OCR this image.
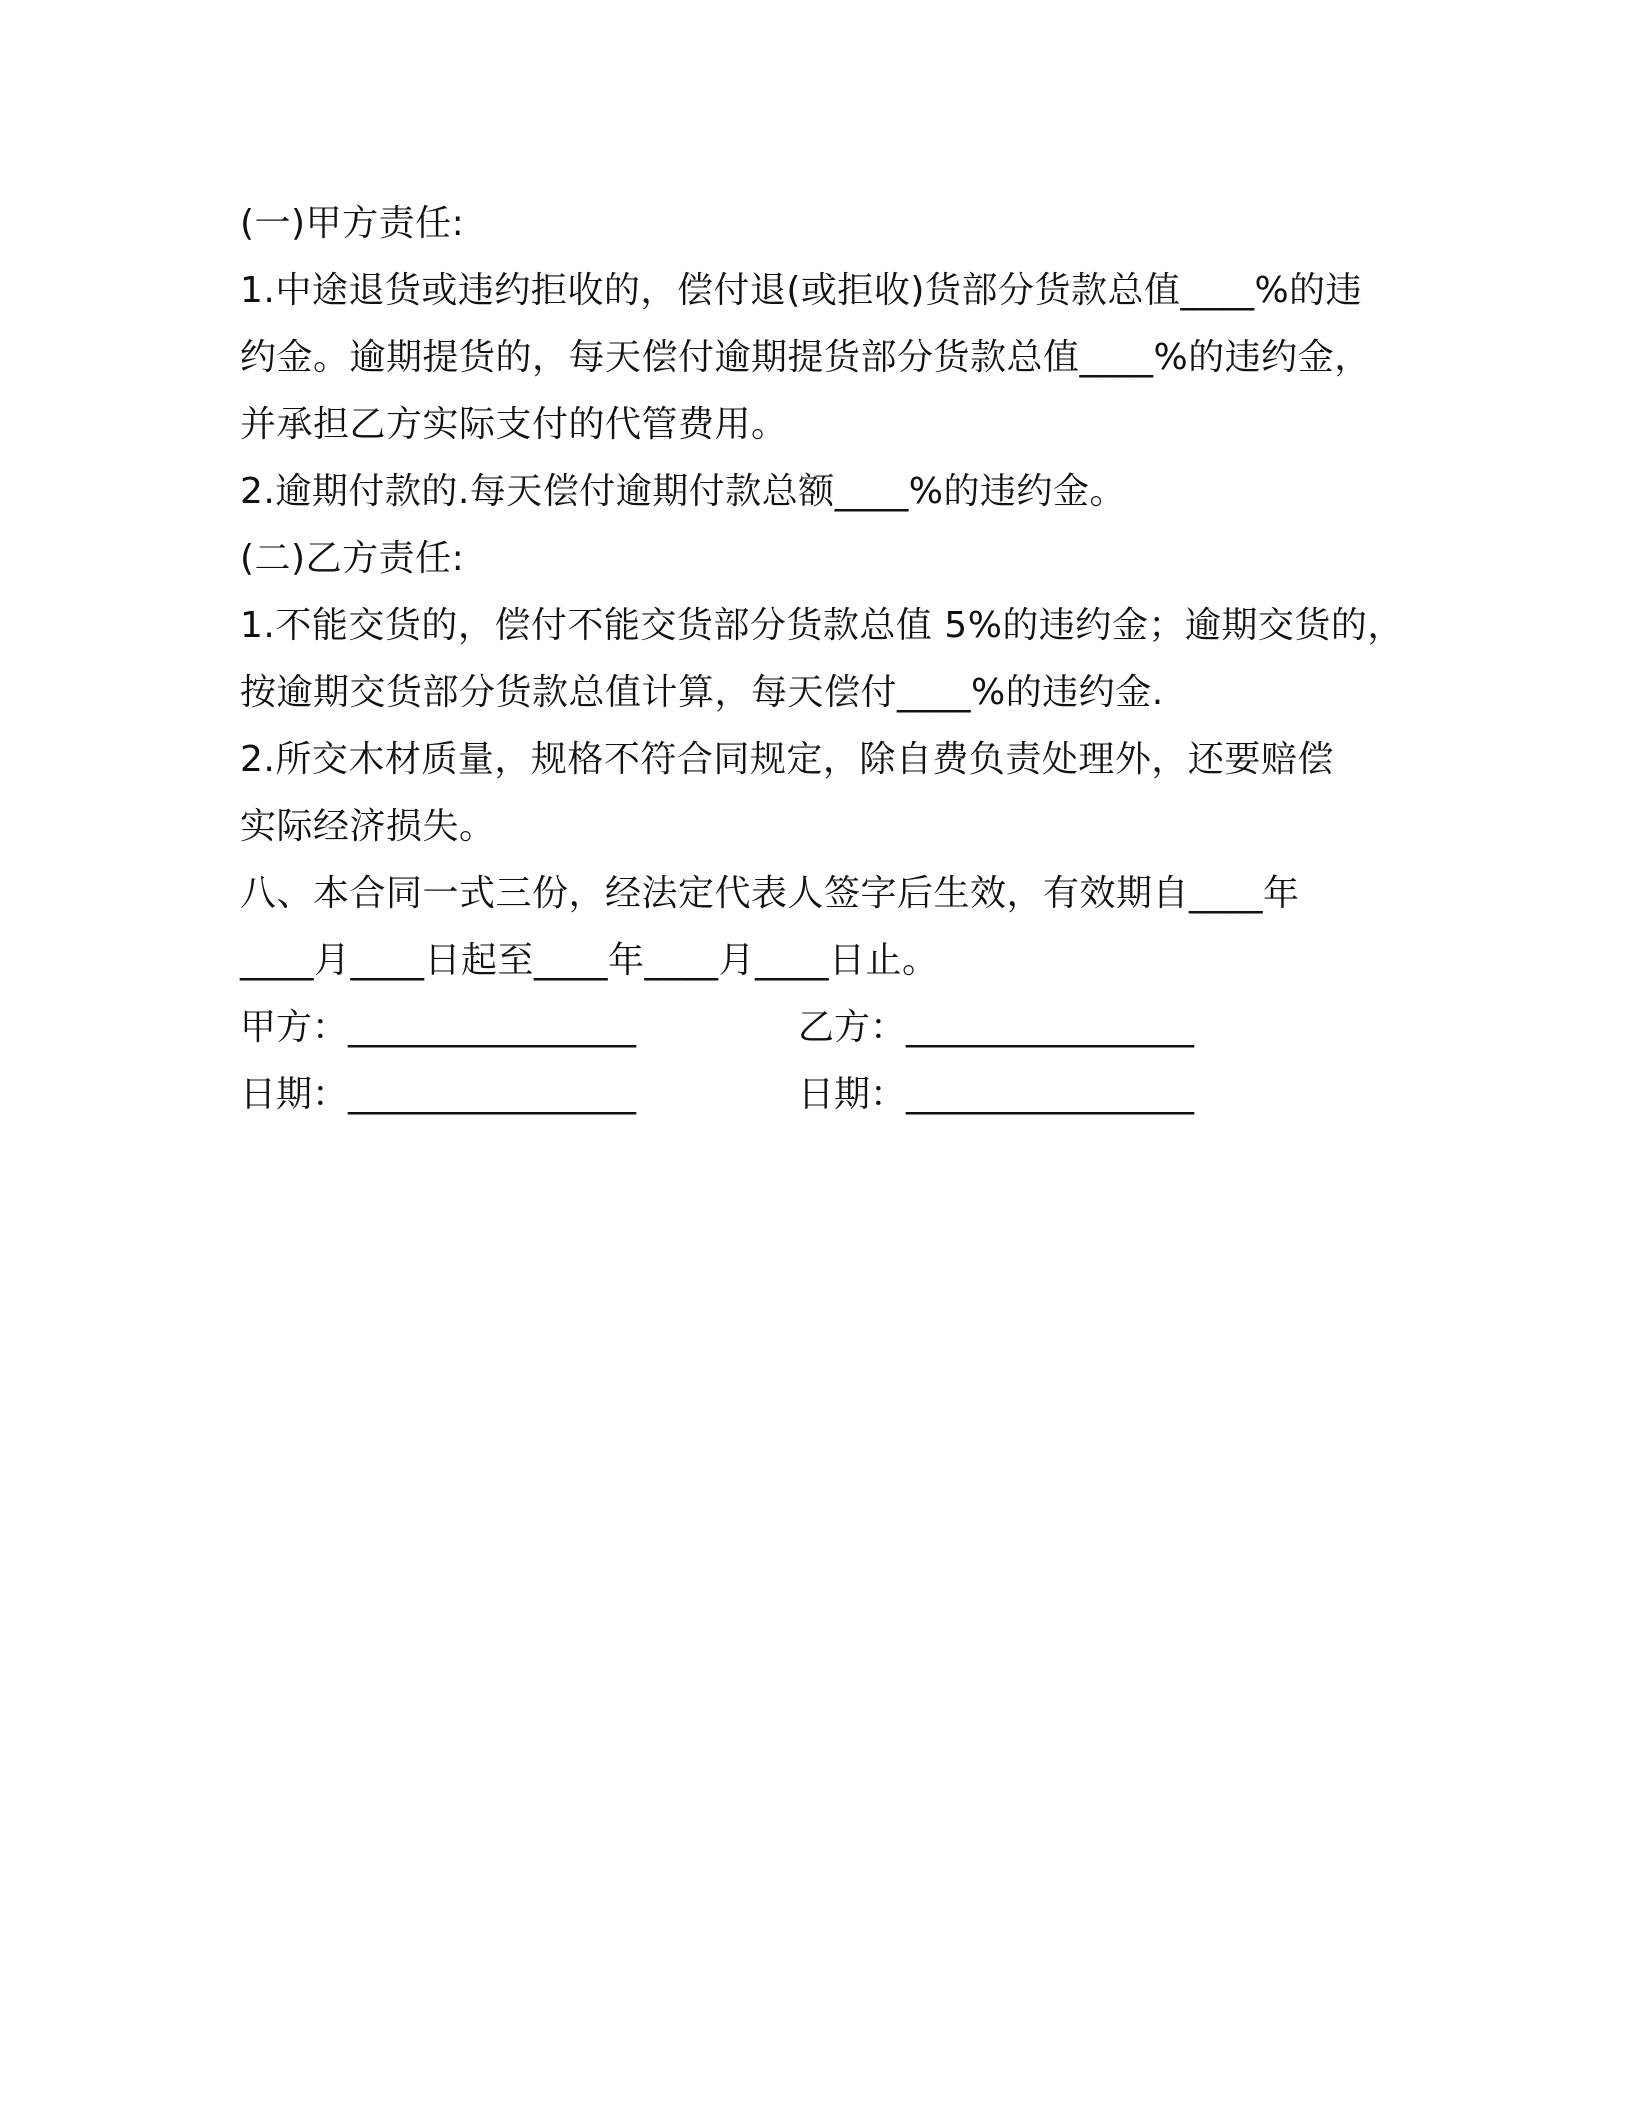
(一)甲方责任:
1.中途退货或违约拒收的，偿付退(或拒收)货部分货款总值____%的违
约金。逾期提货的，每天偿付逾期提货部分货款总值____%的违约金，
并承担乙方实际支付的代管费用。
2.逾期付款的.每天偿付逾期付款总额____%的违约金。
(二)乙方责任:
1.不能交货的，偿付不能交货部分货款总值 5%的违约金；逾期交货的，
按逾期交货部分货款总值计算，每天偿付____%的违约金.
2.所交木材质量，规格不符合同规定，除自费负责处理外，还要赔偿
实际经济损失。
八、本合同一式三份，经法定代表人签字后生效，有效期自____年
____月____日起至____年____月____日止。
甲方：________________	乙方：________________
日期：________________	日期：________________
